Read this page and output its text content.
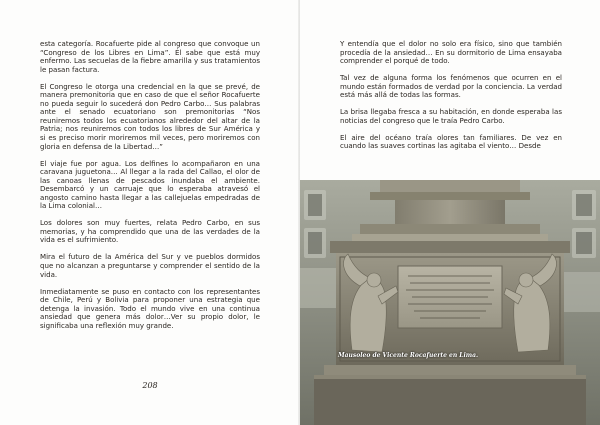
esta categoría. Rocafuerte pide al congreso que convoque un “Congreso de los Libres en Lima”. Él sabe que está muy enfermo. Las secuelas de la fiebre amarilla y sus tratamientos le pasan factura.

El Congreso le otorga una credencial en la que se prevé, de manera premonitoria que en caso de que el señor Rocafuerte no pueda seguir lo sucederá don Pedro Carbo… Sus palabras ante el senado ecuatoriano son premonitorias “Nos reuniremos todos los ecuatorianos alrededor del altar de la Patria; nos reuniremos con todos los libres de Sur América y si es preciso morir moriremos mil veces, pero moriremos con gloria en defensa de la Libertad…”

El viaje fue por agua. Los delfines lo acompañaron en una caravana juguetona… Al llegar a la rada del Callao, el olor de las canoas llenas de pescados inundaba el ambiente. Desembarcó y un carruaje que lo esperaba atravesó el angosto camino hasta llegar a las callejuelas empedradas de la Lima colonial…

Los dolores son muy fuertes, relata Pedro Carbo, en sus memorias, y ha comprendido que una de las verdades de la vida es el sufrimiento.

Mira el futuro de la América del Sur y ve pueblos dormidos que no alcanzan a preguntarse y comprender el sentido de la vida.

Inmediatamente se puso en contacto con los representantes de Chile, Perú y Bolivia para proponer una estrategia que detenga la invasión. Todo el mundo vive en una continua ansiedad que genera más dolor…Ver su propio dolor, le significaba una reflexión muy grande.

208

Y entendía que el dolor no solo era físico, sino que también procedía de la ansiedad… En su dormitorio de Lima ensayaba comprender el porqué de todo.

Tal vez de alguna forma los fenómenos que ocurren en el mundo están formados de verdad por la conciencia. La verdad está más allá de todas las formas.

La brisa llegaba fresca a su habitación, en donde esperaba las noticias del congreso que le traía Pedro Carbo.

El aire del océano traía olores tan familiares. De vez en cuando las suaves cortinas las agitaba el viento… Desde

Mausoleo de Vicente Rocafuerte en Lima.
